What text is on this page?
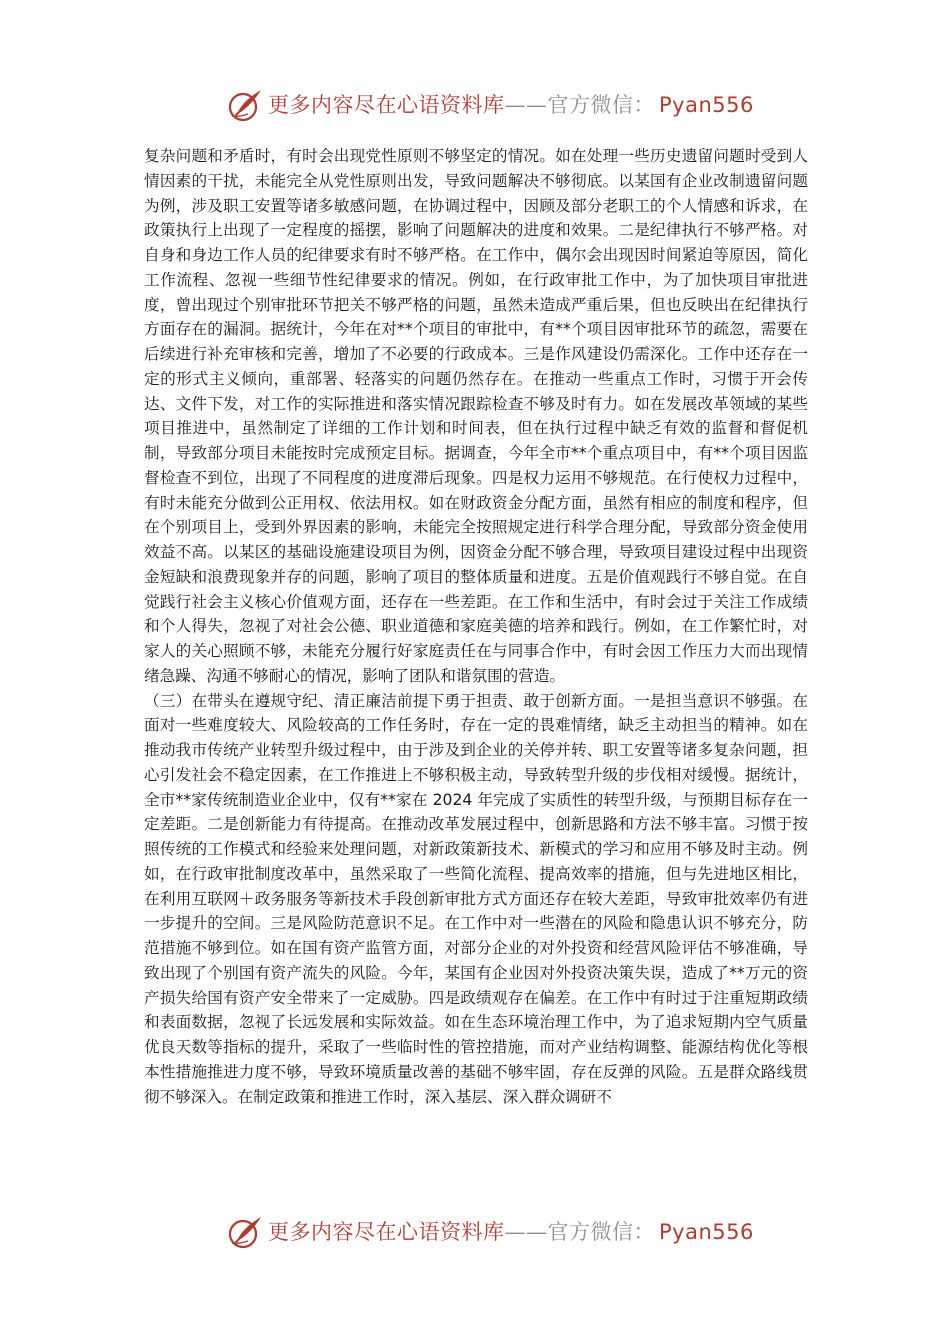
更多内容尽在心语资料库——官方微信： Pyan556

复杂问题和矛盾时，有时会出现党性原则不够坚定的情况。如在处理一些历史遗留问题时受到人情因素的干扰，未能完全从党性原则出发，导致问题解决不够彻底。以某国有企业改制遗留问题为例，涉及职工安置等诸多敏感问题，在协调过程中，因顾及部分老职工的个人情感和诉求，在政策执行上出现了一定程度的摇摆，影响了问题解决的进度和效果。二是纪律执行不够严格。对自身和身边工作人员的纪律要求有时不够严格。在工作中，偶尔会出现因时间紧迫等原因，简化工作流程、忽视一些细节性纪律要求的情况。例如，在行政审批工作中，为了加快项目审批进度，曾出现过个别审批环节把关不够严格的问题，虽然未造成严重后果，但也反映出在纪律执行方面存在的漏洞。据统计，今年在对**个项目的审批中，有**个项目因审批环节的疏忽，需要在后续进行补充审核和完善，增加了不必要的行政成本。三是作风建设仍需深化。工作中还存在一定的形式主义倾向，重部署、轻落实的问题仍然存在。在推动一些重点工作时，习惯于开会传达、文件下发，对工作的实际推进和落实情况跟踪检查不够及时有力。如在发展改革领域的某些项目推进中，虽然制定了详细的工作计划和时间表，但在执行过程中缺乏有效的监督和督促机制，导致部分项目未能按时完成预定目标。据调查，今年全市**个重点项目中，有**个项目因监督检查不到位，出现了不同程度的进度滞后现象。四是权力运用不够规范。在行使权力过程中，有时未能充分做到公正用权、依法用权。如在财政资金分配方面，虽然有相应的制度和程序，但在个别项目上，受到外界因素的影响，未能完全按照规定进行科学合理分配，导致部分资金使用效益不高。以某区的基础设施建设项目为例，因资金分配不够合理，导致项目建设过程中出现资金短缺和浪费现象并存的问题，影响了项目的整体质量和进度。五是价值观践行不够自觉。在自觉践行社会主义核心价值观方面，还存在一些差距。在工作和生活中，有时会过于关注工作成绩和个人得失，忽视了对社会公德、职业道德和家庭美德的培养和践行。例如，在工作繁忙时，对家人的关心照顾不够，未能充分履行好家庭责任在与同事合作中，有时会因工作压力大而出现情绪急躁、沟通不够耐心的情况，影响了团队和谐氛围的营造。

（三）在带头在遵规守纪、清正廉洁前提下勇于担责、敢于创新方面。一是担当意识不够强。在面对一些难度较大、风险较高的工作任务时，存在一定的畏难情绪，缺乏主动担当的精神。如在推动我市传统产业转型升级过程中，由于涉及到企业的关停并转、职工安置等诸多复杂问题，担心引发社会不稳定因素，在工作推进上不够积极主动，导致转型升级的步伐相对缓慢。据统计，全市**家传统制造业企业中，仅有**家在 2024 年完成了实质性的转型升级，与预期目标存在一定差距。二是创新能力有待提高。在推动改革发展过程中，创新思路和方法不够丰富。习惯于按照传统的工作模式和经验来处理问题，对新政策新技术、新模式的学习和应用不够及时主动。例如，在行政审批制度改革中，虽然采取了一些简化流程、提高效率的措施，但与先进地区相比，在利用互联网＋政务服务等新技术手段创新审批方式方面还存在较大差距，导致审批效率仍有进一步提升的空间。三是风险防范意识不足。在工作中对一些潜在的风险和隐患认识不够充分，防范措施不够到位。如在国有资产监管方面，对部分企业的对外投资和经营风险评估不够准确，导致出现了个别国有资产流失的风险。今年，某国有企业因对外投资决策失误，造成了**万元的资产损失给国有资产安全带来了一定威胁。四是政绩观存在偏差。在工作中有时过于注重短期政绩和表面数据，忽视了长远发展和实际效益。如在生态环境治理工作中，为了追求短期内空气质量优良天数等指标的提升，采取了一些临时性的管控措施，而对产业结构调整、能源结构优化等根本性措施推进力度不够，导致环境质量改善的基础不够牢固，存在反弹的风险。五是群众路线贯彻不够深入。在制定政策和推进工作时，深入基层、深入群众调研不

更多内容尽在心语资料库——官方微信： Pyan556
